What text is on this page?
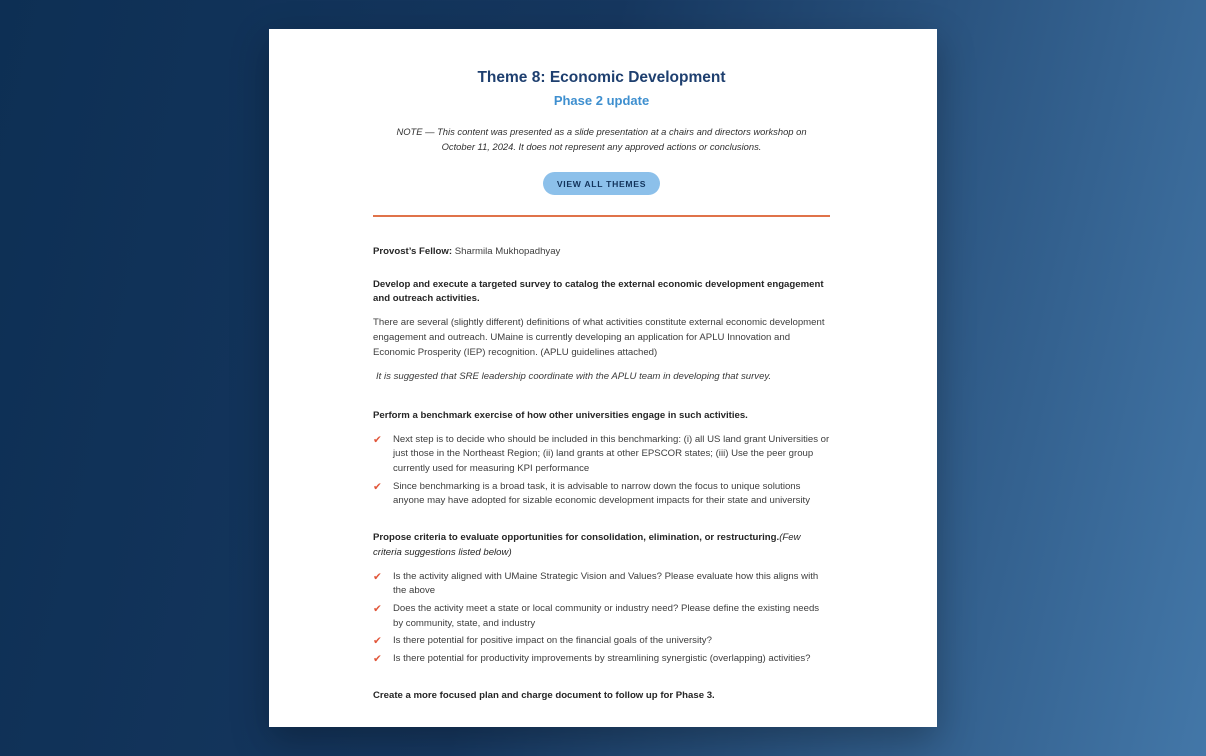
Theme 8: Economic Development
Phase 2 update

NOTE — This content was presented as a slide presentation at a chairs and directors workshop on October 11, 2024. It does not represent any approved actions or conclusions.

VIEW ALL THEMES

Provost’s Fellow: Sharmila Mukhopadhyay

Develop and execute a targeted survey to catalog the external economic development engagement and outreach activities.

There are several (slightly different) definitions of what activities constitute external economic development engagement and outreach. UMaine is currently developing an application for APLU Innovation and Economic Prosperity (IEP) recognition. (APLU guidelines attached)

It is suggested that SRE leadership coordinate with the APLU team in developing that survey.

Perform a benchmark exercise of how other universities engage in such activities.

✔	Next step is to decide who should be included in this benchmarking: (i) all US land grant Universities or just those in the Northeast Region; (ii) land grants at other EPSCOR states; (iii) Use the peer group currently used for measuring KPI performance
✔	Since benchmarking is a broad task, it is advisable to narrow down the focus to unique solutions anyone may have adopted for sizable economic development impacts for their state and university

Propose criteria to evaluate opportunities for consolidation, elimination, or restructuring.(Few criteria suggestions listed below)

✔	Is the activity aligned with UMaine Strategic Vision and Values? Please evaluate how this aligns with the above
✔	Does the activity meet a state or local community or industry need? Please define the existing needs by community, state, and industry
✔	Is there potential for positive impact on the financial goals of the university?
✔	Is there potential for productivity improvements by streamlining synergistic (overlapping) activities?

Create a more focused plan and charge document to follow up for Phase 3.
